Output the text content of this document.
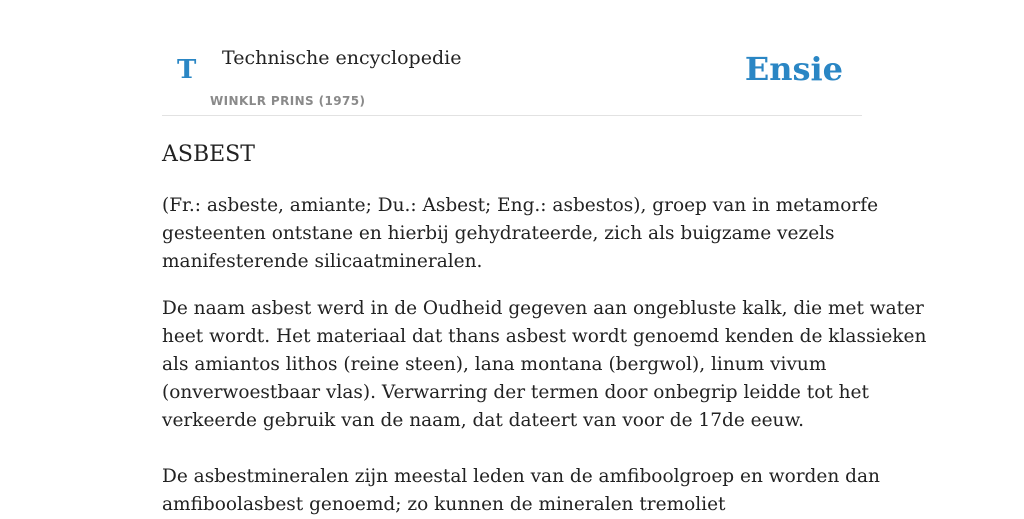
T Technische encyclopedie
WINKLR PRINS (1975)
Ensie
ASBEST

(Fr.: asbeste, amiante; Du.: Asbest; Eng.: asbestos), groep van in metamorfe
gesteenten ontstane en hierbij gehydrateerde, zich als buigzame vezels
manifesterende silicaatmineralen.

De naam asbest werd in de Oudheid gegeven aan ongebluste kalk, die met water
heet wordt. Het materiaal dat thans asbest wordt genoemd kenden de klassieken
als amiantos lithos (reine steen), lana montana (bergwol), linum vivum
(onverwoestbaar vlas). Verwarring der termen door onbegrip leidde tot het
verkeerde gebruik van de naam, dat dateert van voor de 17de eeuw.

De asbestmineralen zijn meestal leden van de amfiboolgroep en worden dan
amfiboolasbest genoemd; zo kunnen de mineralen tremoliet
